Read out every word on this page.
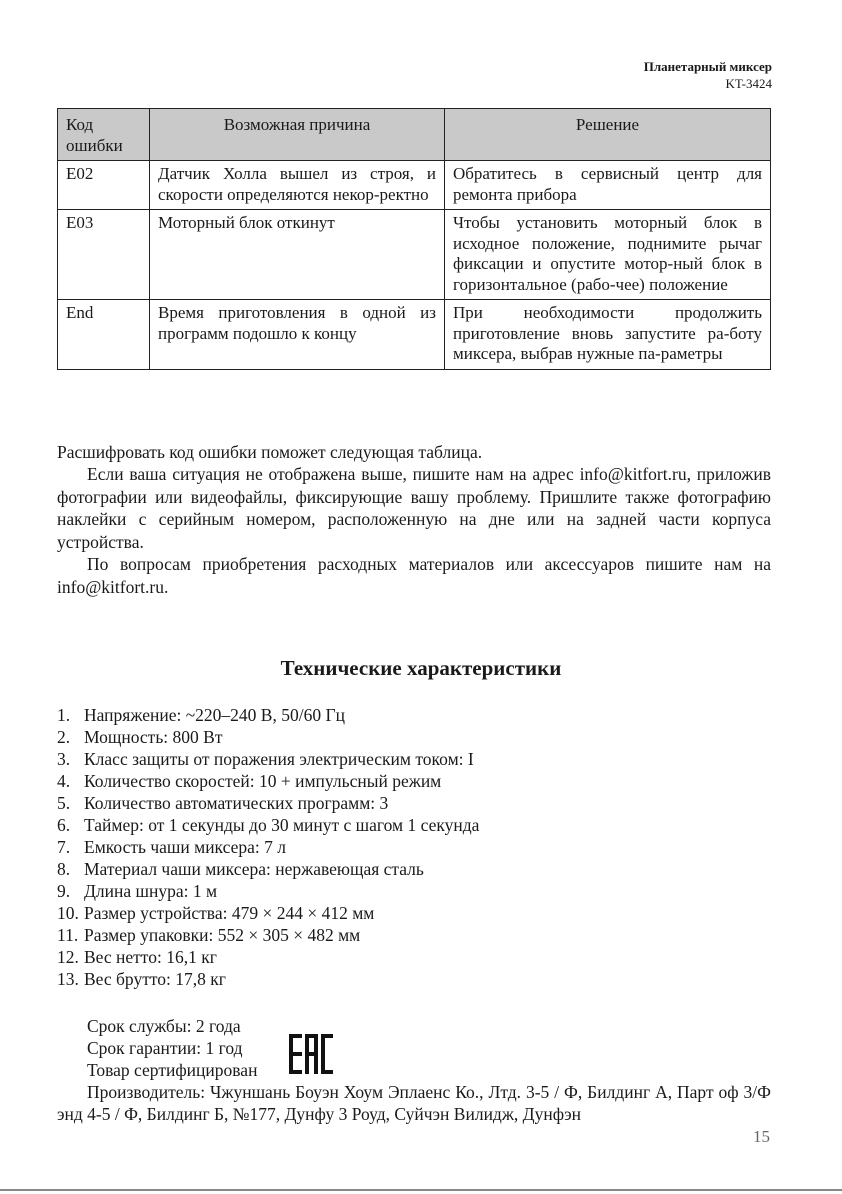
Планетарный миксер
KT-3424
Код ошибки	Возможная причина	Решение
E02	Датчик Холла вышел из строя, и скорости определяются некор-ректно	Обратитесь в сервисный центр для ремонта прибора
E03	Моторный блок откинут	Чтобы установить моторный блок в исходное положение, поднимите рычаг фиксации и опустите мотор-ный блок в горизонтальное (рабо-чее) положение
End	Время приготовления в одной из программ подошло к концу	При необходимости продолжить приготовление вновь запустите ра-боту миксера, выбрав нужные па-раметры
Расшифровать код ошибки поможет следующая таблица.
Если ваша ситуация не отображена выше, пишите нам на адрес info@kitfort.ru, приложив фотографии или видеофайлы, фиксирующие вашу проблему. Пришлите также фотографию наклейки с серийным номером, расположенную на дне или на задней части корпуса устройства.
По вопросам приобретения расходных материалов или аксессуаров пишите нам на info@kitfort.ru.
Технические характеристики
1. Напряжение: ~220–240 В, 50/60 Гц
2. Мощность: 800 Вт
3. Класс защиты от поражения электрическим током: I
4. Количество скоростей: 10 + импульсный режим
5. Количество автоматических программ: 3
6. Таймер: от 1 секунды до 30 минут с шагом 1 секунда
7. Емкость чаши миксера: 7 л
8. Материал чаши миксера: нержавеющая сталь
9. Длина шнура: 1 м
10. Размер устройства: 479 × 244 × 412 мм
11. Размер упаковки: 552 × 305 × 482 мм
12. Вес нетто: 16,1 кг
13. Вес брутто: 17,8 кг
Срок службы: 2 года
Срок гарантии: 1 год
Товар сертифицирован
Производитель: Чжуншань Боуэн Хоум Эплаенс Ко., Лтд. 3-5 / Ф, Билдинг А, Парт оф 3/Ф энд 4-5 / Ф, Билдинг Б, №177, Дунфу 3 Роуд, Суйчэн Вилидж, Дунфэн
15
